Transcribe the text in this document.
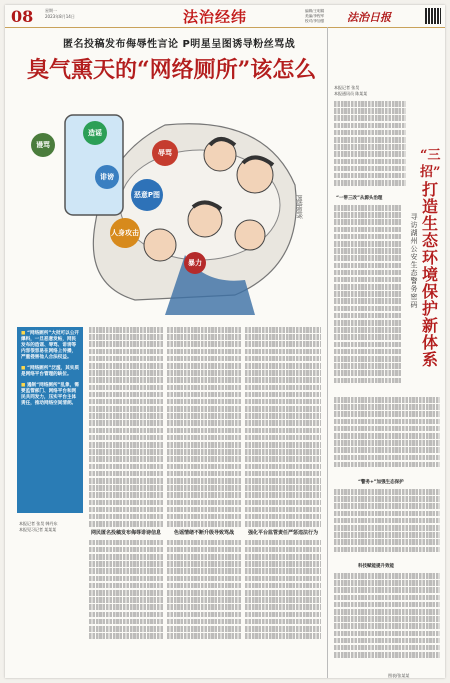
08	星期一
2023年8月14日	法治经纬	编辑/王明娟
美编/李程军
校对/李加强 法治日报
匿名投稿发布侮辱性言论 P明星呈图诱导粉丝骂战
臭气熏天的“网络厕所”该怎么
谩骂
造谣
诽谤
辱骂
恶意P图
人身攻击
暴力
网络厕所

■ “网络厕所”大批可以公开爆料，一旦恶意发帖，网民发布的造谣、辱骂、诽谤等内容很容易在网络上传播，严重侵害他人合法权益。

■ “网络厕所”泛滥，其实质是网络平台管理的缺位。

■ 遏制“网络厕所”乱象，需要监管部门、网络平台和网民共同发力，压实平台主体责任，推动网络空间清朗。

本报记者 张昊 韩丹东
本报见习记者 某某某
网民匿名投稿发布侮辱诽谤信息	色谣情绪不断升级导致骂战	强化平台监管责任严惩违法行为
本报记者 张昊
本报通讯员 陈某某
“三招”
打造生态环境保护新体系
寻访湖州公安生态警务密码
“一带三改”从源头治理
“警务+”加强生态保护
科技赋能提升效能
图表/张某某
